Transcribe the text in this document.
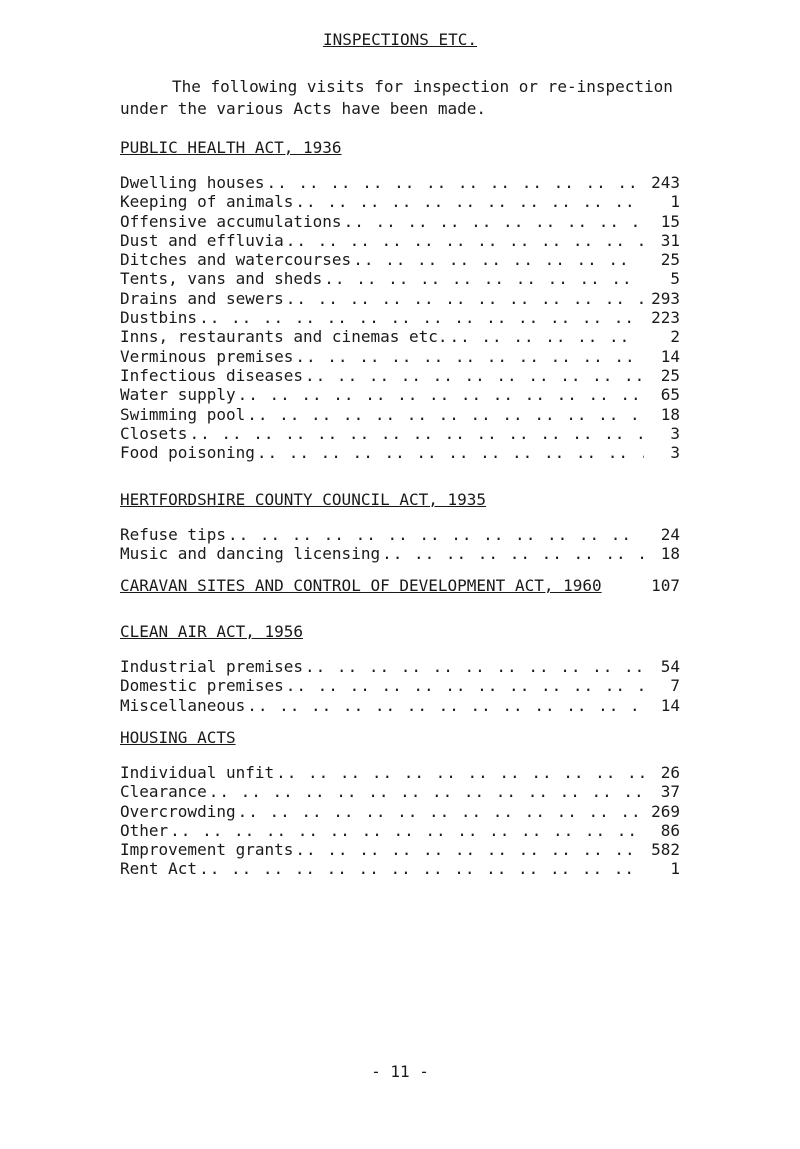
INSPECTIONS ETC.

The following visits for inspection or re-inspection

under the various Acts have been made.

PUBLIC HEALTH ACT, 1936
Dwelling houses .. ..	243
Keeping of animals .. ..	1
Offensive accumulations .. ..	15
Dust and effluvia .. ..	31
Ditches and watercourses .. ..	25
Tents, vans and sheds .. ..	5
Drains and sewers .. ..	293
Dustbins .. ..	223
Inns, restaurants and cinemas etc. .. ..	2
Verminous premises .. ..	14
Infectious diseases .. ..	25
Water supply .. ..	65
Swimming pool .. ..	18
Closets .. ..	3
Food poisoning .. ..	3
HERTFORDSHIRE COUNTY COUNCIL ACT, 1935
Refuse tips .. ..	24
Music and dancing licensing .. ..	18
CARAVAN SITES AND CONTROL OF DEVELOPMENT ACT, 1960	107
CLEAN AIR ACT, 1956
Industrial premises .. ..	54
Domestic premises .. ..	7
Miscellaneous .. ..	14
HOUSING ACTS
Individual unfit .. ..	26
Clearance .. ..	37
Overcrowding .. ..	269
Other .. ..	86
Improvement grants .. ..	582
Rent Act .. ..	1
- 11 -
